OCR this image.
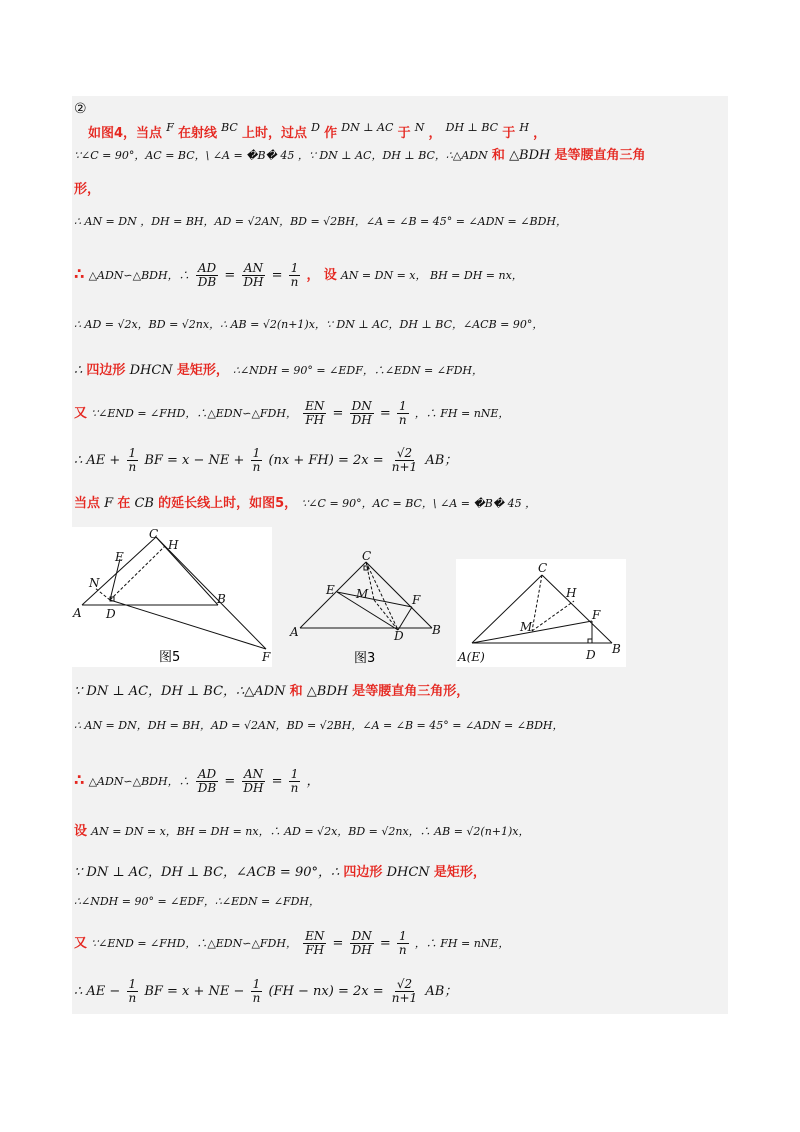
②
如图4，当点 $^F$ 在射线 $^{BC}$ 上时，过点 $^D$ 作 $^{DN \perp AC}$ 于 $^N$ ， $^{DH \perp BC}$ 于 $^H$ ，
∵∠C = 90°，AC = BC，\ ∠A = �B� 45 ，∵ DN ⊥ AC，DH ⊥ BC，∴△ADN 和 △BDH 是等腰直角三角
形，
∴ AN = DN ，DH = BH，AD = √2AN，BD = √2BH，∠A = ∠B = 45° = ∠ADN = ∠BDH，
∴ △ADN∽△BDH，∴ $\frac{AD}{DB} = \frac{AN}{DH} = \frac{1}{n}$ ， 设 AN = DN = x， BH = DH = nx，
∴ AD = √2x，BD = √2nx，∴ AB = √2(n+1)x，∵ DN ⊥ AC，DH ⊥ BC，∠ACB = 90°，
∴ 四边形 DHCN 是矩形， ∴∠NDH = 90° = ∠EDF，∴∠EDN = ∠FDH，
又 ∵∠END = ∠FHD，∴△EDN∽△FDH， $\frac{EN}{FH} = \frac{DN}{DH} = \frac{1}{n}$ ，∴ FH = nNE，
∴ AE + $\frac{1}{n}$ BF = x − NE + $\frac{1}{n} (nx + FH) = 2x = \frac{√2}{n+1}$ AB；
当点 F 在 CB 的延长线上时，如图5， ∵∠C = 90°，AC = BC，\ ∠A = �B� 45 ，
C
H
E
N
A D
B
F
图5
C
E M	F
A	D B
图3
C
H
F
M
A(E)	D B
∵ DN ⊥ AC，DH ⊥ BC，∴△ADN 和 △BDH 是等腰直角三角形，
∴ AN = DN，DH = BH，AD = √2AN，BD = √2BH，∠A = ∠B = 45° = ∠ADN = ∠BDH，
∴ △ADN∽△BDH，∴ $\frac{AD}{DB} = \frac{AN}{DH} = \frac{1}{n}$ ，
设 AN = DN = x，BH = DH = nx，∴ AD = √2x，BD = √2nx，∴ AB = √2(n+1)x，
∵ DN ⊥ AC，DH ⊥ BC，∠ACB = 90°，∴ 四边形 DHCN 是矩形，
∴∠NDH = 90° = ∠EDF，∴∠EDN = ∠FDH，
又 ∵∠END = ∠FHD，∴△EDN∽△FDH， $\frac{EN}{FH} = \frac{DN}{DH} = \frac{1}{n}$ ，∴ FH = nNE，
∴ AE − $\frac{1}{n}$ BF = x + NE − $\frac{1}{n} (FH - nx) = 2x = \frac{√2}{n+1}$ AB；
